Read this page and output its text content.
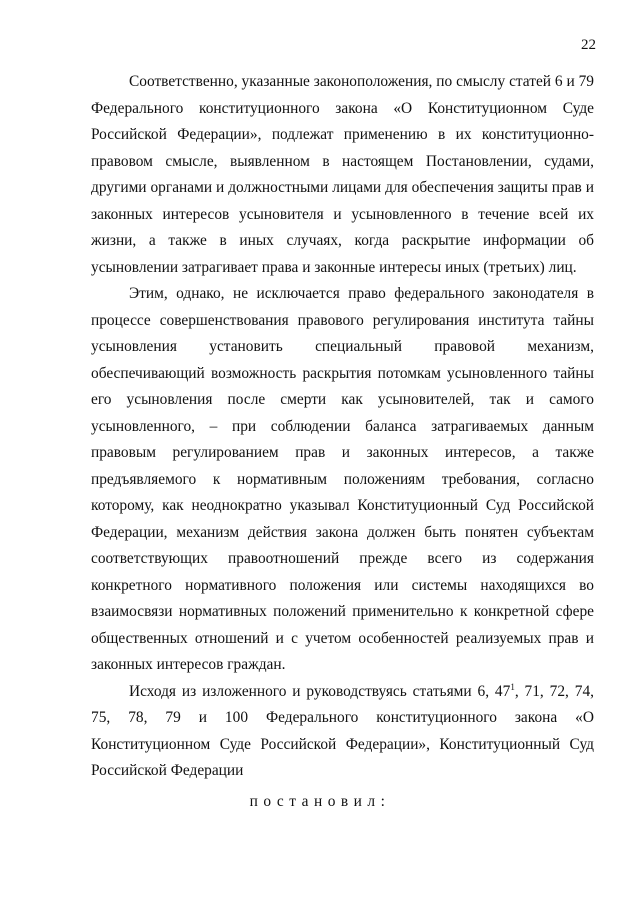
22

Соответственно, указанные законоположения, по смыслу статей 6 и 79 Федерального конституционного закона «О Конституционном Суде Российской Федерации», подлежат применению в их конституционно-правовом смысле, выявленном в настоящем Постановлении, судами, другими органами и должностными лицами для обеспечения защиты прав и законных интересов усыновителя и усыновленного в течение всей их жизни, а также в иных случаях, когда раскрытие информации об усыновлении затрагивает права и законные интересы иных (третьих) лиц.

Этим, однако, не исключается право федерального законодателя в процессе совершенствования правового регулирования института тайны усыновления установить специальный правовой механизм, обеспечивающий возможность раскрытия потомкам усыновленного тайны его усыновления после смерти как усыновителей, так и самого усыновленного, – при соблюдении баланса затрагиваемых данным правовым регулированием прав и законных интересов, а также предъявляемого к нормативным положениям требования, согласно которому, как неоднократно указывал Конституционный Суд Российской Федерации, механизм действия закона должен быть понятен субъектам соответствующих правоотношений прежде всего из содержания конкретного нормативного положения или системы находящихся во взаимосвязи нормативных положений применительно к конкретной сфере общественных отношений и с учетом особенностей реализуемых прав и законных интересов граждан.

Исходя из изложенного и руководствуясь статьями 6, $47^1$, 71, 72, 74, 75, 78, 79 и 100 Федерального конституционного закона «О Конституционном Суде Российской Федерации», Конституционный Суд Российской Федерации

постановил:
